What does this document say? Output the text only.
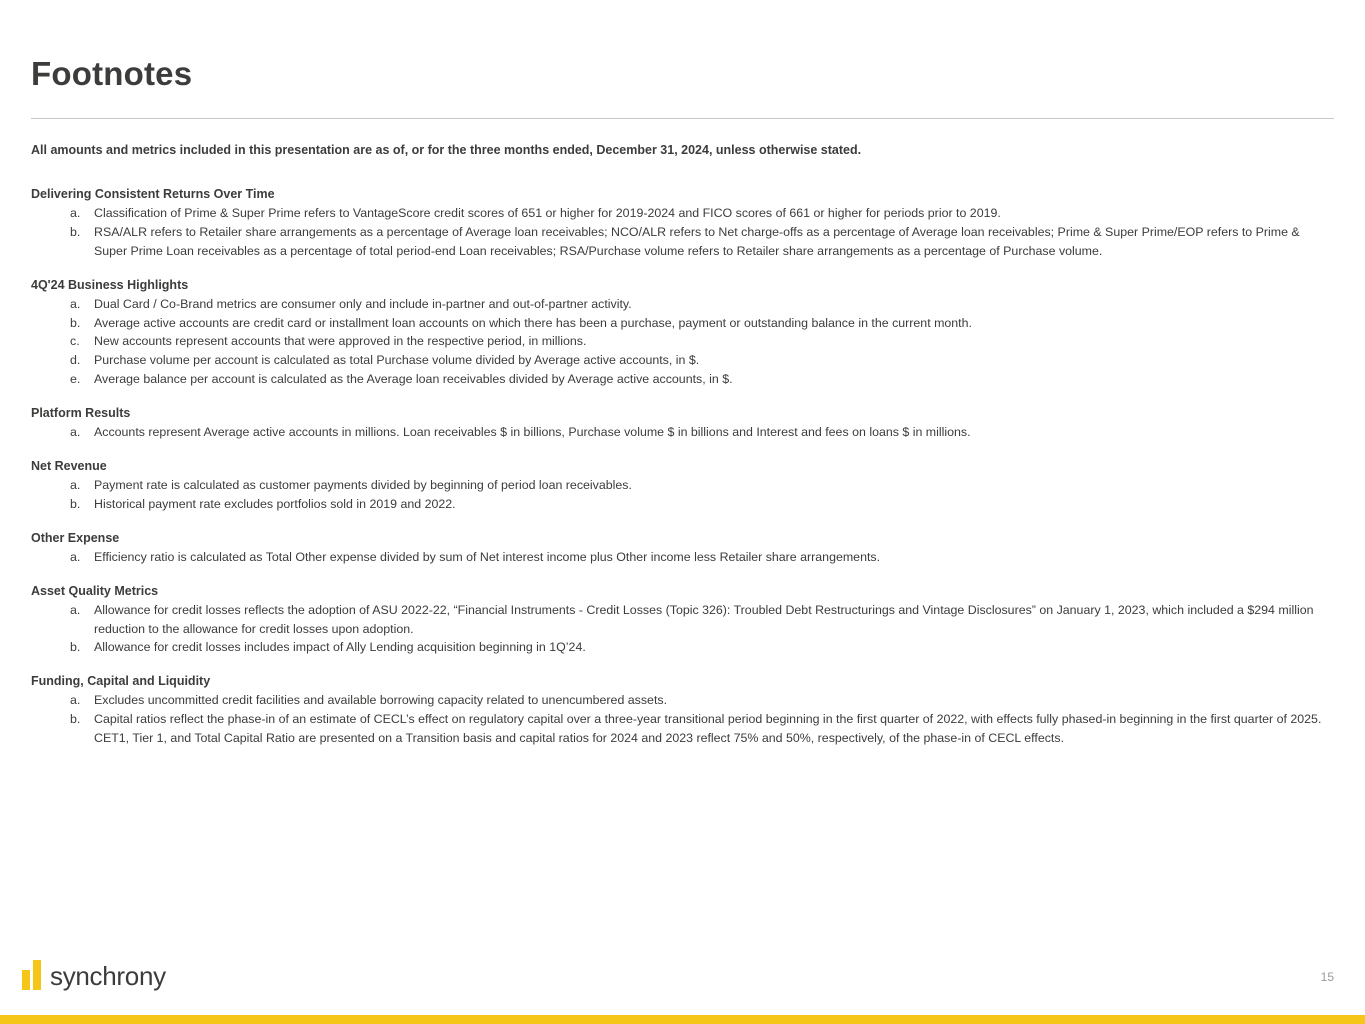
Footnotes
All amounts and metrics included in this presentation are as of, or for the three months ended, December 31, 2024, unless otherwise stated.
Delivering Consistent Returns Over Time
a.	Classification of Prime & Super Prime refers to VantageScore credit scores of 651 or higher for 2019-2024 and FICO scores of 661 or higher for periods prior to 2019.
b.	RSA/ALR refers to Retailer share arrangements as a percentage of Average loan receivables; NCO/ALR refers to Net charge-offs as a percentage of Average loan receivables; Prime & Super Prime/EOP refers to Prime & Super Prime Loan receivables as a percentage of total period-end Loan receivables; RSA/Purchase volume refers to Retailer share arrangements as a percentage of Purchase volume.
4Q'24 Business Highlights
a.	Dual Card / Co-Brand metrics are consumer only and include in-partner and out-of-partner activity.
b.	Average active accounts are credit card or installment loan accounts on which there has been a purchase, payment or outstanding balance in the current month.
c.	New accounts represent accounts that were approved in the respective period, in millions.
d.	Purchase volume per account is calculated as total Purchase volume divided by Average active accounts, in $.
e.	Average balance per account is calculated as the Average loan receivables divided by Average active accounts, in $.
Platform Results
a.	Accounts represent Average active accounts in millions. Loan receivables $ in billions, Purchase volume $ in billions and Interest and fees on loans $ in millions.
Net Revenue
a.	Payment rate is calculated as customer payments divided by beginning of period loan receivables.
b.	Historical payment rate excludes portfolios sold in 2019 and 2022.
Other Expense
a.	Efficiency ratio is calculated as Total Other expense divided by sum of Net interest income plus Other income less Retailer share arrangements.
Asset Quality Metrics
a.	Allowance for credit losses reflects the adoption of ASU 2022-22, “Financial Instruments - Credit Losses (Topic 326): Troubled Debt Restructurings and Vintage Disclosures” on January 1, 2023, which included a $294 million reduction to the allowance for credit losses upon adoption.
b.	Allowance for credit losses includes impact of Ally Lending acquisition beginning in 1Q’24.
Funding, Capital and Liquidity
a.	Excludes uncommitted credit facilities and available borrowing capacity related to unencumbered assets.
b.	Capital ratios reflect the phase-in of an estimate of CECL’s effect on regulatory capital over a three-year transitional period beginning in the first quarter of 2022, with effects fully phased-in beginning in the first quarter of 2025. CET1, Tier 1, and Total Capital Ratio are presented on a Transition basis and capital ratios for 2024 and 2023 reflect 75% and 50%, respectively, of the phase-in of CECL effects.
synchrony	15
